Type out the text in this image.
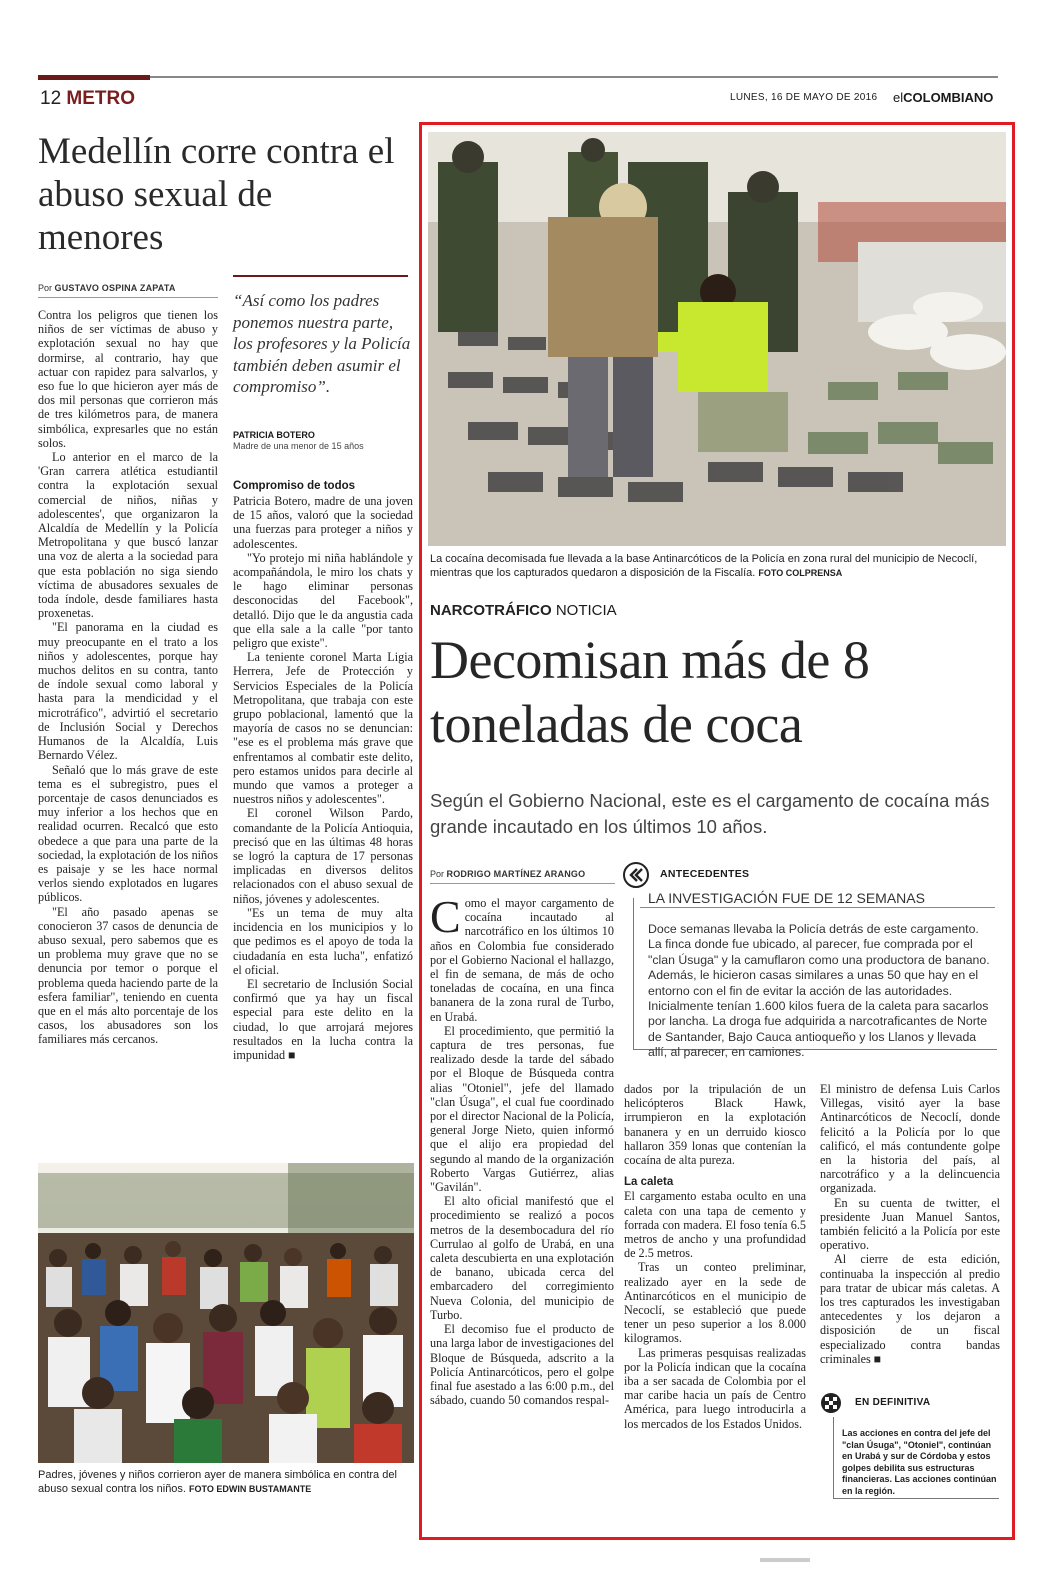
12 METRO	LUNES, 16 DE MAYO DE 2016 elCOLOMBIANO
Medellín corre contra el abuso sexual de menores
Por GUSTAVO OSPINA ZAPATA

Contra los peligros que tienen los niños de ser víctimas de abuso y explotación sexual no hay que dormirse, al contrario, hay que actuar con rapidez para salvarlos, y eso fue lo que hicieron ayer más de dos mil personas que corrieron más de tres kilómetros para, de manera simbólica, expresarles que no están solos.

Lo anterior en el marco de la 'Gran carrera atlética estudiantil contra la explotación sexual comercial de niños, niñas y adolescentes', que organizaron la Alcaldía de Medellín y la Policía Metropolitana y que buscó lanzar una voz de alerta a la sociedad para que esta población no siga siendo víctima de abusadores sexuales de toda índole, desde familiares hasta proxenetas.

"El panorama en la ciudad es muy preocupante en el trato a los niños y adolescentes, porque hay muchos delitos en su contra, tanto de índole sexual como laboral y hasta para la mendicidad y el microtráfico", advirtió el secretario de Inclusión Social y Derechos Humanos de la Alcaldía, Luis Bernardo Vélez.

Señaló que lo más grave de este tema es el subregistro, pues el porcentaje de casos denunciados es muy inferior a los hechos que en realidad ocurren. Recalcó que esto obedece a que para una parte de la sociedad, la explotación de los niños es paisaje y se les hace normal verlos siendo explotados en lugares públicos.

"El año pasado apenas se conocieron 37 casos de denuncia de abuso sexual, pero sabemos que es un problema muy grave que no se denuncia por temor o porque el problema queda haciendo parte de la esfera familiar", teniendo en cuenta que en el más alto porcentaje de los casos, los abusadores son los familiares más cercanos.

“Así como los padres ponemos nuestra parte, los profesores y la Policía también deben asumir el compromiso”.
PATRICIA BOTERO
Madre de una menor de 15 años
Compromiso de todos

Patricia Botero, madre de una joven de 15 años, valoró que la sociedad una fuerzas para proteger a niños y adolescentes.

"Yo protejo mi niña hablándole y acompañándola, le miro los chats y le hago eliminar personas desconocidas del Facebook", detalló. Dijo que le da angustia cada que ella sale a la calle "por tanto peligro que existe".

La teniente coronel Marta Ligia Herrera, Jefe de Protección y Servicios Especiales de la Policía Metropolitana, que trabaja con este grupo poblacional, lamentó que la mayoría de casos no se denuncian: "ese es el problema más grave que enfrentamos al combatir este delito, pero estamos unidos para decirle al mundo que vamos a proteger a nuestros niños y adolescentes".

El coronel Wilson Pardo, comandante de la Policía Antioquia, precisó que en las últimas 48 horas se logró la captura de 17 personas implicadas en diversos delitos relacionados con el abuso sexual de niños, jóvenes y adolescentes.

"Es un tema de muy alta incidencia en los municipios y lo que pedimos es el apoyo de toda la ciudadanía en esta lucha", enfatizó el oficial.

El secretario de Inclusión Social confirmó que ya hay un fiscal especial para este delito en la ciudad, lo que arrojará mejores resultados en la lucha contra la impunidad ■

Padres, jóvenes y niños corrieron ayer de manera simbólica en contra del abuso sexual contra los niños. FOTO EDWIN BUSTAMANTE
La cocaína decomisada fue llevada a la base Antinarcóticos de la Policía en zona rural del municipio de Necoclí, mientras que los capturados quedaron a disposición de la Fiscalía. FOTO COLPRENSA
NARCOTRÁFICO NOTICIA
Decomisan más de 8 toneladas de coca
Según el Gobierno Nacional, este es el cargamento de cocaína más grande incautado en los últimos 10 años.
Por RODRIGO MARTÍNEZ ARANGO

Como el mayor cargamento de cocaína incautado al narcotráfico en los últimos 10 años en Colombia fue considerado por el Gobierno Nacional el hallazgo, el fin de semana, de más de ocho toneladas de cocaína, en una finca bananera de la zona rural de Turbo, en Urabá.

El procedimiento, que permitió la captura de tres personas, fue realizado desde la tarde del sábado por el Bloque de Búsqueda contra alias "Otoniel", jefe del llamado "clan Úsuga", el cual fue coordinado por el director Nacional de la Policía, general Jorge Nieto, quien informó que el alijo era propiedad del segundo al mando de la organización Roberto Vargas Gutiérrez, alias "Gavilán".

El alto oficial manifestó que el procedimiento se realizó a pocos metros de la desembocadura del río Currulao al golfo de Urabá, en una caleta descubierta en una explotación de banano, ubicada cerca del embarcadero del corregimiento Nueva Colonia, del municipio de Turbo.

El decomiso fue el producto de una larga labor de investigaciones del Bloque de Búsqueda, adscrito a la Policía Antinarcóticos, pero el golpe final fue asestado a las 6:00 p.m., del sábado, cuando 50 comandos respal-

ANTECEDENTES
LA INVESTIGACIÓN FUE DE 12 SEMANAS
Doce semanas llevaba la Policía detrás de este cargamento. La finca donde fue ubicado, al parecer, fue comprada por el "clan Úsuga" y la camuflaron como una productora de banano. Además, le hicieron casas similares a unas 50 que hay en el entorno con el fin de evitar la acción de las autoridades. Inicialmente tenían 1.600 kilos fuera de la caleta para sacarlos por lancha. La droga fue adquirida a narcotraficantes de Norte de Santander, Bajo Cauca antioqueño y los Llanos y llevada allí, al parecer, en camiones.

dados por la tripulación de un helicópteros Black Hawk, irrumpieron en la explotación bananera y en un derruido kiosco hallaron 359 lonas que contenían la cocaína de alta pureza.

La caleta

El cargamento estaba oculto en una caleta con una tapa de cemento y forrada con madera. El foso tenía 6.5 metros de ancho y una profundidad de 2.5 metros.

Tras un conteo preliminar, realizado ayer en la sede de Antinarcóticos en el municipio de Necoclí, se estableció que puede tener un peso superior a los 8.000 kilogramos.

Las primeras pesquisas realizadas por la Policía indican que la cocaína iba a ser sacada de Colombia por el mar caribe hacia un país de Centro América, para luego introducirla a los mercados de los Estados Unidos.

El ministro de defensa Luis Carlos Villegas, visitó ayer la base Antinarcóticos de Necoclí, donde felicitó a la Policía por lo que calificó, el más contundente golpe en la historia del país, al narcotráfico y a la delincuencia organizada.

En su cuenta de twitter, el presidente Juan Manuel Santos, también felicitó a la Policía por este operativo.

Al cierre de esta edición, continuaba la inspección al predio para tratar de ubicar más caletas. A los tres capturados les investigaban antecedentes y los dejaron a disposición de un fiscal especializado contra bandas criminales ■

EN DEFINITIVA
Las acciones en contra del jefe del "clan Úsuga", "Otoniel", continúan en Urabá y sur de Córdoba y estos golpes debilita sus estructuras financieras. Las acciones continúan en la región.
